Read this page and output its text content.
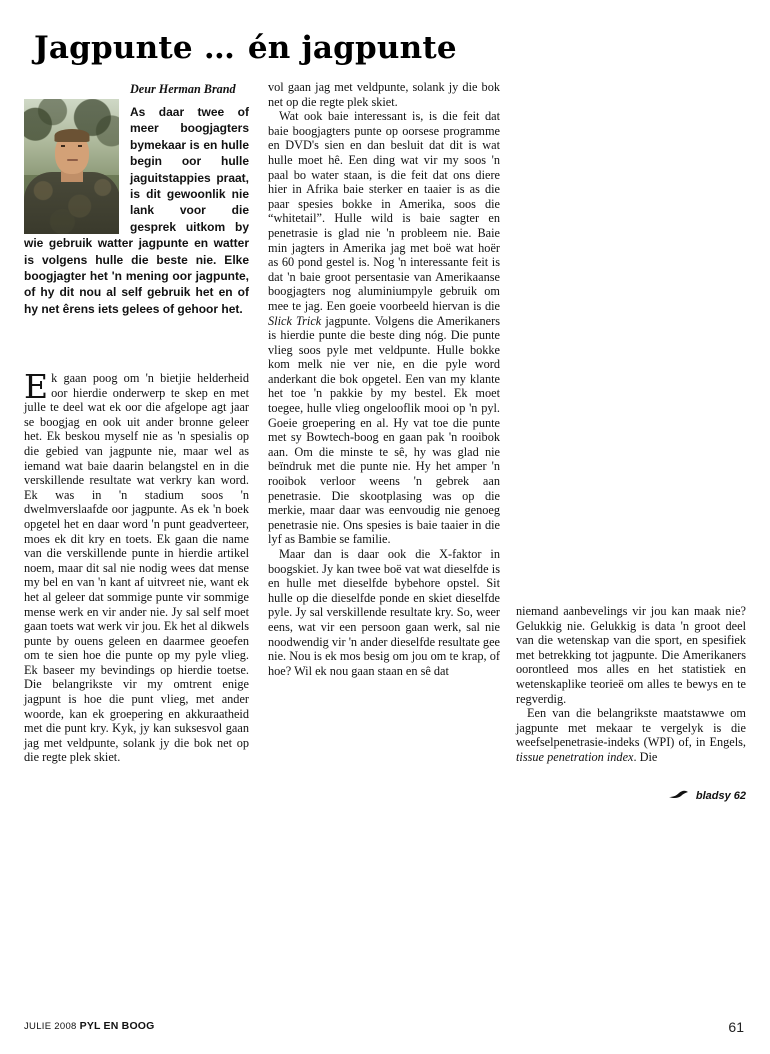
Jagpunte … én jagpunte
Deur Herman Brand

As daar twee of meer boogjagters bymekaar is en hulle begin oor hulle jaguitstappies praat, is dit gewoonlik nie lank voor die gesprek uitkom by wie gebruik watter jagpunte en watter is volgens hulle die beste nie. Elke boogjagter het 'n mening oor jagpunte, of hy dit nou al self gebruik het en of hy net êrens iets gelees of gehoor het.

Ek gaan poog om 'n bietjie helderheid oor hierdie onderwerp te skep en met julle te deel wat ek oor die afgelope agt jaar se boogjag en ook uit ander bronne geleer het. Ek beskou myself nie as 'n spesialis op die gebied van jagpunte nie, maar wel as iemand wat baie daarin belangstel en in die verskillende resultate wat verkry kan word. Ek was in 'n stadium soos 'n dwelmverslaafde oor jagpunte. As ek 'n boek opgetel het en daar word 'n punt geadverteer, moes ek dit kry en toets. Ek gaan die name van die verskillende punte in hierdie artikel noem, maar dit sal nie nodig wees dat mense my bel en van 'n kant af uitvreet nie, want ek het al geleer dat sommige punte vir sommige mense werk en vir ander nie. Jy sal self moet gaan toets wat werk vir jou. Ek het al dikwels punte by ouens geleen en daarmee geoefen om te sien hoe die punte op my pyle vlieg. Ek baseer my bevindings op hierdie toetse. Die belangrikste vir my omtrent enige jagpunt is hoe die punt vlieg, met ander woorde, kan ek groepering en akkuraatheid met die punt kry. Kyk, jy kan suksesvol gaan jag met veldpunte, solank jy die bok net op die regte plek skiet.

vol gaan jag met veldpunte, solank jy die bok net op die regte plek skiet.

Wat ook baie interessant is, is die feit dat baie boogjagters punte op oorsese programme en DVD's sien en dan besluit dat dit is wat hulle moet hê. Een ding wat vir my soos 'n paal bo water staan, is die feit dat ons diere hier in Afrika baie sterker en taaier is as die paar spesies bokke in Amerika, soos die “whitetail”. Hulle wild is baie sagter en penetrasie is glad nie 'n probleem nie. Baie min jagters in Amerika jag met boë wat hoër as 60 pond gestel is. Nog 'n interessante feit is dat 'n baie groot persentasie van Amerikaanse boogjagters nog aluminiumpyle gebruik om mee te jag. Een goeie voorbeeld hiervan is die Slick Trick jagpunte. Volgens die Amerikaners is hierdie punte die beste ding nóg. Die punte vlieg soos pyle met veldpunte. Hulle bokke kom melk nie ver nie, en die pyle word anderkant die bok opgetel. Een van my klante het toe 'n pakkie by my bestel. Ek moet toegee, hulle vlieg ongelooflik mooi op 'n pyl. Goeie groepering en al. Hy vat toe die punte met sy Bowtech-boog en gaan pak 'n rooibok aan. Om die minste te sê, hy was glad nie beïndruk met die punte nie. Hy het amper 'n rooibok verloor weens 'n gebrek aan penetrasie. Die skootplasing was op die merkie, maar daar was eenvoudig nie genoeg penetrasie nie. Ons spesies is baie taaier in die lyf as Bambie se familie.

Maar dan is daar ook die X-faktor in boogskiet. Jy kan twee boë vat wat dieselfde is en hulle met dieselfde bybehore opstel. Sit hulle op die dieselfde ponde en skiet dieselfde pyle. Jy sal verskillende resultate kry. So, weer eens, wat vir een persoon gaan werk, sal nie noodwendig vir 'n ander dieselfde resultate gee nie. Nou is ek mos besig om jou om te krap, of hoe? Wil ek nou gaan staan en sê dat

niemand aanbevelings vir jou kan maak nie? Gelukkig nie. Gelukkig is data 'n groot deel van die wetenskap van die sport, en spesifiek met betrekking tot jagpunte. Die Amerikaners oorontleed mos alles en het statistiek en wetenskaplike teorieë om alles te bewys en te regverdig.

Een van die belangrikste maatstawwe om jagpunte met mekaar te vergelyk is die weefselpenetrasie-indeks (WPI) of, in Engels, tissue penetration index. Die

bladsy 62
JULIE 2008 PYL EN BOOG	61
